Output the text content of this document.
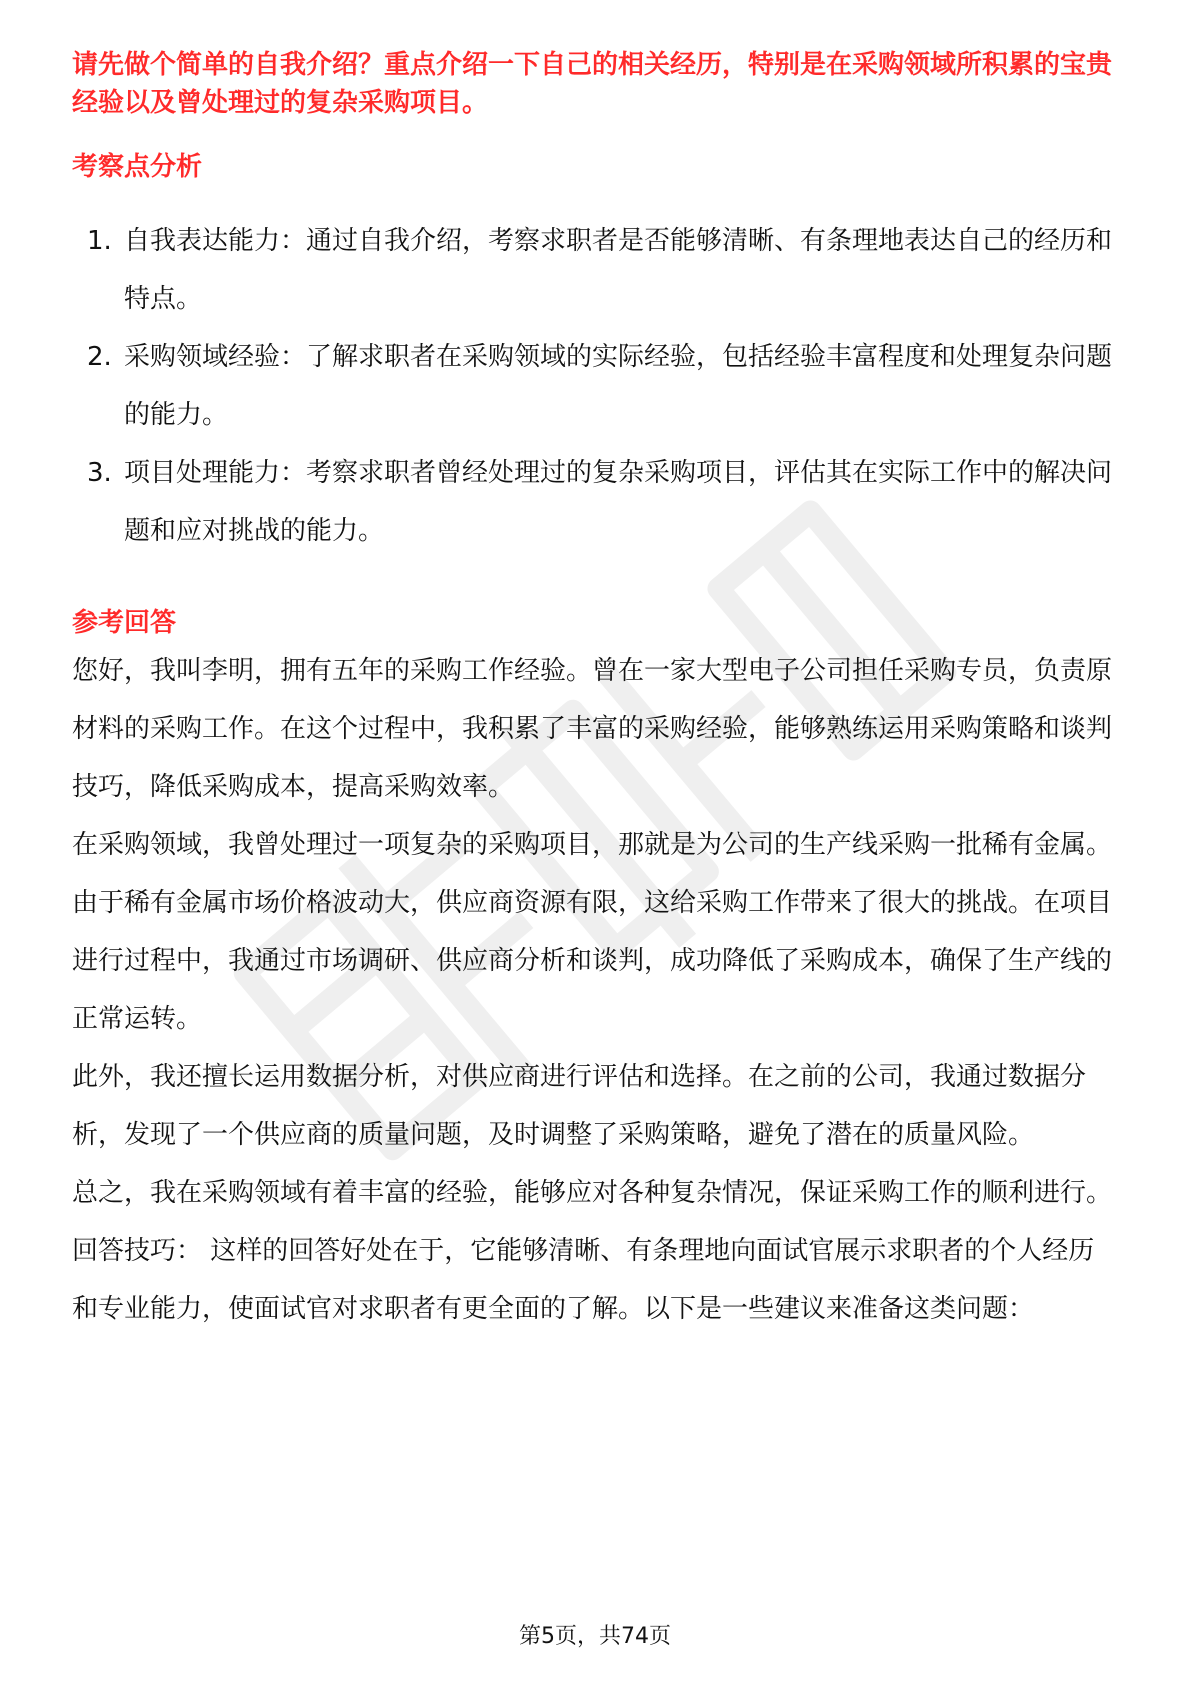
请先做个简单的自我介绍？重点介绍一下自己的相关经历，特别是在采购领域所积累的宝贵经验以及曾处理过的复杂采购项目。

考察点分析
1. 自我表达能力：通过自我介绍，考察求职者是否能够清晰、有条理地表达自己的经历和特点。
2. 采购领域经验：了解求职者在采购领域的实际经验，包括经验丰富程度和处理复杂问题的能力。
3. 项目处理能力：考察求职者曾经处理过的复杂采购项目，评估其在实际工作中的解决问题和应对挑战的能力。
参考回答

您好，我叫李明，拥有五年的采购工作经验。曾在一家大型电子公司担任采购专员，负责原材料的采购工作。在这个过程中，我积累了丰富的采购经验，能够熟练运用采购策略和谈判技巧，降低采购成本，提高采购效率。

在采购领域，我曾处理过一项复杂的采购项目，那就是为公司的生产线采购一批稀有金属。由于稀有金属市场价格波动大，供应商资源有限，这给采购工作带来了很大的挑战。在项目进行过程中，我通过市场调研、供应商分析和谈判，成功降低了采购成本，确保了生产线的正常运转。

此外，我还擅长运用数据分析，对供应商进行评估和选择。在之前的公司，我通过数据分析，发现了一个供应商的质量问题，及时调整了采购策略，避免了潜在的质量风险。

总之，我在采购领域有着丰富的经验，能够应对各种复杂情况，保证采购工作的顺利进行。

回答技巧： 这样的回答好处在于，它能够清晰、有条理地向面试官展示求职者的个人经历和专业能力，使面试官对求职者有更全面的了解。以下是一些建议来准备这类问题：

第5页，共74页
